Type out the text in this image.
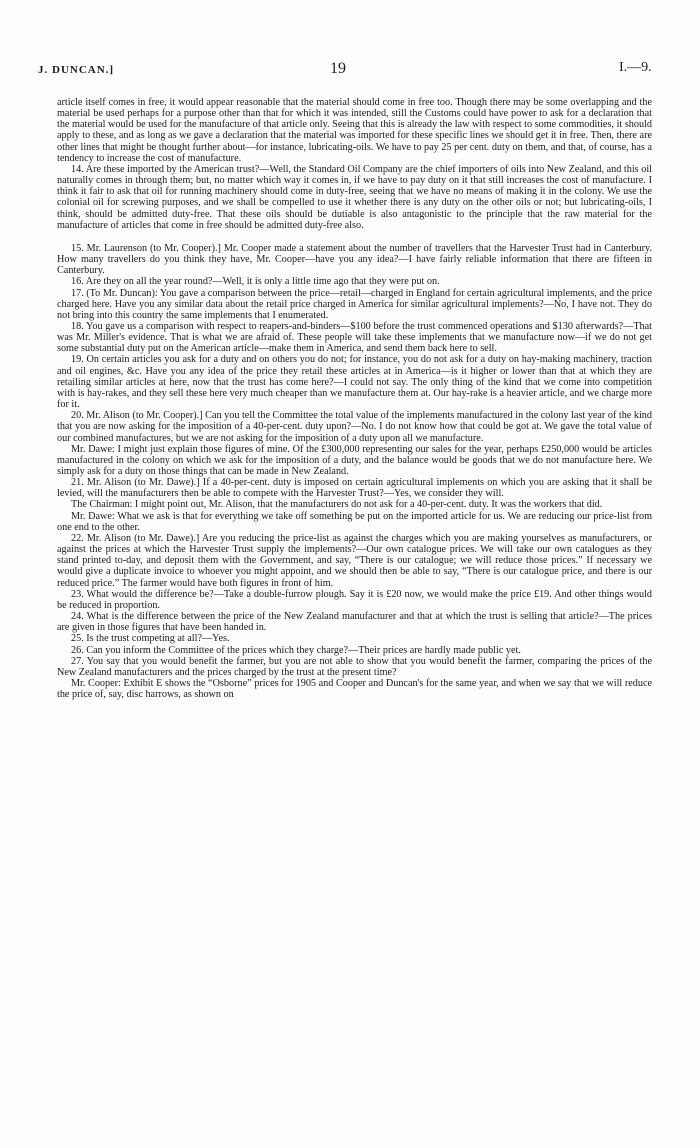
J. DUNCAN.]	19	I.—9.

article itself comes in free, it would appear reasonable that the material should come in free too. Though there may be some overlapping and the material be used perhaps for a purpose other than that for which it was intended, still the Customs could have power to ask for a declaration that the material would be used for the manufacture of that article only. Seeing that this is already the law with respect to some commodities, it should apply to these, and as long as we gave a declaration that the material was imported for these specific lines we should get it in free. Then, there are other lines that might be thought further about—for instance, lubricating-oils. We have to pay 25 per cent. duty on them, and that, of course, has a tendency to increase the cost of manufacture.

14. Are these imported by the American trust?—Well, the Standard Oil Company are the chief importers of oils into New Zealand, and this oil naturally comes in through them; but, no matter which way it comes in, if we have to pay duty on it that still increases the cost of manufacture. I think it fair to ask that oil for running machinery should come in duty-free, seeing that we have no means of making it in the colony. We use the colonial oil for screwing purposes, and we shall be compelled to use it whether there is any duty on the other oils or not; but lubricating-oils, I think, should be admitted duty-free. That these oils should be dutiable is also antagonistic to the principle that the raw material for the manufacture of articles that come in free should be admitted duty-free also.

15. Mr. Laurenson (to Mr. Cooper).] Mr. Cooper made a statement about the number of travellers that the Harvester Trust had in Canterbury. How many travellers do you think they have, Mr. Cooper—have you any idea?—I have fairly reliable information that there are fifteen in Canterbury.

16. Are they on all the year round?—Well, it is only a little time ago that they were put on.

17. (To Mr. Duncan): You gave a comparison between the price—retail—charged in England for certain agricultural implements, and the price charged here. Have you any similar data about the retail price charged in America for similar agricultural implements?—No, I have not. They do not bring into this country the same implements that I enumerated.

18. You gave us a comparison with respect to reapers-and-binders—$100 before the trust commenced operations and $130 afterwards?—That was Mr. Miller's evidence. That is what we are afraid of. These people will take these implements that we manufacture now—if we do not get some substantial duty put on the American article—make them in America, and send them back here to sell.

19. On certain articles you ask for a duty and on others you do not; for instance, you do not ask for a duty on hay-making machinery, traction and oil engines, &c. Have you any idea of the price they retail these articles at in America—is it higher or lower than that at which they are retailing similar articles at here, now that the trust has come here?—I could not say. The only thing of the kind that we come into competition with is hay-rakes, and they sell these here very much cheaper than we manufacture them at. Our hay-rake is a heavier article, and we charge more for it.

20. Mr. Alison (to Mr. Cooper).] Can you tell the Committee the total value of the implements manufactured in the colony last year of the kind that you are now asking for the imposition of a 40-per-cent. duty upon?—No. I do not know how that could be got at. We gave the total value of our combined manufactures, but we are not asking for the imposition of a duty upon all we manufacture.

Mr. Dawe: I might just explain those figures of mine. Of the £300,000 representing our sales for the year, perhaps £250,000 would be articles manufactured in the colony on which we ask for the imposition of a duty, and the balance would be goods that we do not manufacture here. We simply ask for a duty on those things that can be made in New Zealand.

21. Mr. Alison (to Mr. Dawe).] If a 40-per-cent. duty is imposed on certain agricultural implements on which you are asking that it shall be levied, will the manufacturers then be able to compete with the Harvester Trust?—Yes, we consider they will.

The Chairman: I might point out, Mr. Alison, that the manufacturers do not ask for a 40-per-cent. duty. It was the workers that did.

Mr. Dawe: What we ask is that for everything we take off something be put on the imported article for us. We are reducing our price-list from one end to the other.

22. Mr. Alison (to Mr. Dawe).] Are you reducing the price-list as against the charges which you are making yourselves as manufacturers, or against the prices at which the Harvester Trust supply the implements?—Our own catalogue prices. We will take our own catalogues as they stand printed to-day, and deposit them with the Government, and say, “There is our catalogue; we will reduce those prices.” If necessary we would give a duplicate invoice to whoever you might appoint, and we should then be able to say, “There is our catalogue price, and there is our reduced price.” The farmer would have both figures in front of him.

23. What would the difference be?—Take a double-furrow plough. Say it is £20 now, we would make the price £19. And other things would be reduced in proportion.

24. What is the difference between the price of the New Zealand manufacturer and that at which the trust is selling that article?—The prices are given in those figures that have been handed in.

25. Is the trust competing at all?—Yes.

26. Can you inform the Committee of the prices which they charge?—Their prices are hardly made public yet.

27. You say that you would benefit the farmer, but you are not able to show that you would benefit the farmer, comparing the prices of the New Zealand manufacturers and the prices charged by the trust at the present time?

Mr. Cooper: Exhibit E shows the “Osborne” prices for 1905 and Cooper and Duncan's for the same year, and when we say that we will reduce the price of, say, disc harrows, as shown on
